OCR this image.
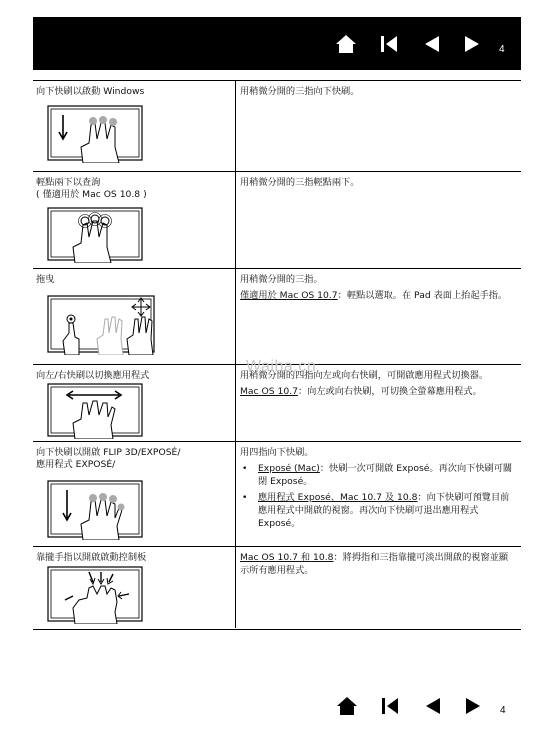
4
向下快刷以啟動 Windows
輕點兩下以查詢
( 僅適用於 Mac OS 10.8 )
拖曳
向左/右快刷以切換應用程式
向下快刷以開啟 FLIP 3D/EXPOSÉ/
應用程式 EXPOSÉ/
靠攏手指以開啟啟動控制板

用稍微分開的三指向下快刷。

用稍微分開的三指輕點兩下。

用稍微分開的三指。

僅適用於 Mac OS 10.7：輕點以選取。在 Pad 表面上抬起手指。

用稍微分開的四指向左或向右快刷，可開啟應用程式切換器。

Mac OS 10.7：向左或向右快刷，可切換全螢幕應用程式。

用四指向下快刷。

•	Exposé (Mac)：快刷一次可開啟 Exposé。再次向下快刷可關閉 Exposé。
•	應用程式 Exposé、Mac 10.7 及 10.8：向下快刷可預覽目前應用程式中開啟的視窗。再次向下快刷可退出應用程式 Exposé。

Mac OS 10.7 和 10.8：將拇指和三指靠攏可淡出開啟的視窗並顯示所有應用程式。

Waiha.cn
4
